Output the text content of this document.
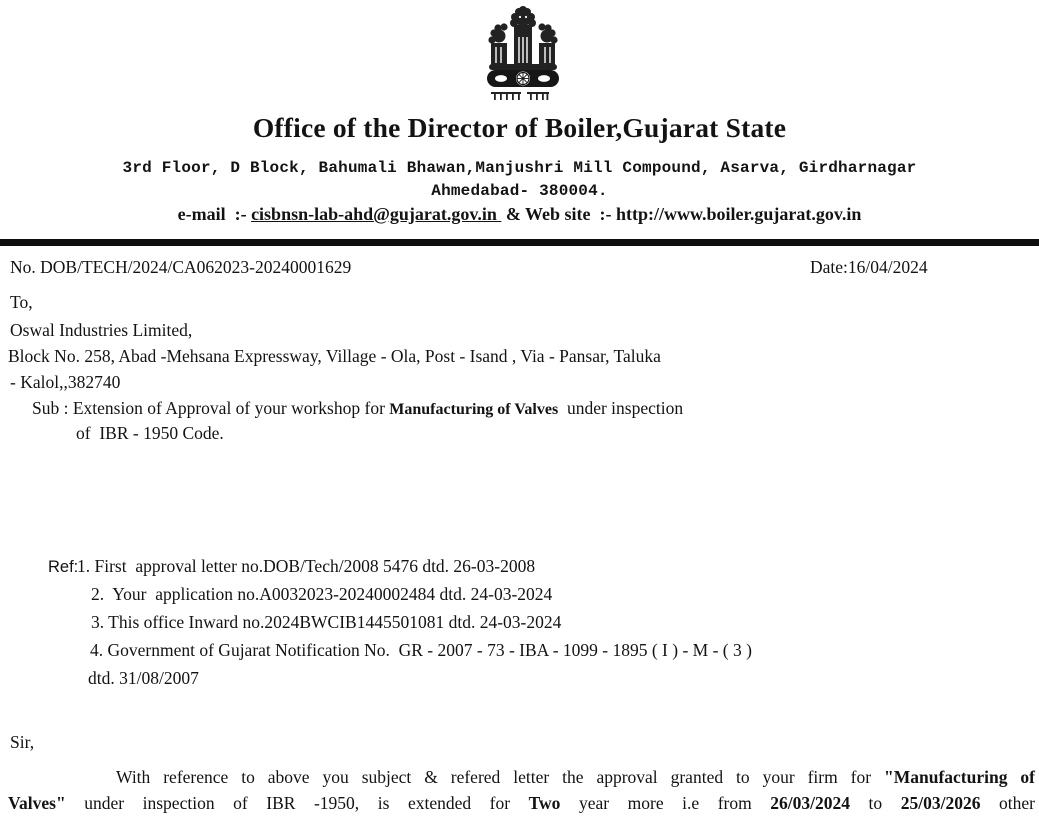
Office of the Director of Boiler,Gujarat State
3rd Floor, D Block, Bahumali Bhawan,Manjushri Mill Compound, Asarva, Girdharnagar
Ahmedabad- 380004.
e-mail  :- cisbnsn-lab-ahd@gujarat.gov.in  & Web site  :- http://www.boiler.gujarat.gov.in
No. DOB/TECH/2024/CA062023-20240001629	Date:16/04/2024
To,
Oswal Industries Limited,
Block No. 258, Abad -Mehsana Expressway, Village - Ola, Post - Isand , Via - Pansar, Taluka
- Kalol,,382740
Sub : Extension of Approval of your workshop for Manufacturing of Valves  under inspection
of  IBR - 1950 Code.
Ref:
1. First  approval letter no.DOB/Tech/2008 5476 dtd. 26-03-2008
2.  Your  application no.A0032023-20240002484 dtd. 24-03-2024
3. This office Inward no.2024BWCIB1445501081 dtd. 24-03-2024
4. Government of Gujarat Notification No.  GR - 2007 - 73 - IBA - 1099 - 1895 ( I ) - M - ( 3 )
dtd. 31/08/2007
Sir,
With reference to above you subject & refered letter the approval granted to your firm for "Manufacturing of
Valves" under inspection of IBR -1950, is extended for Two year more i.e from 26/03/2024 to 25/03/2026 other
